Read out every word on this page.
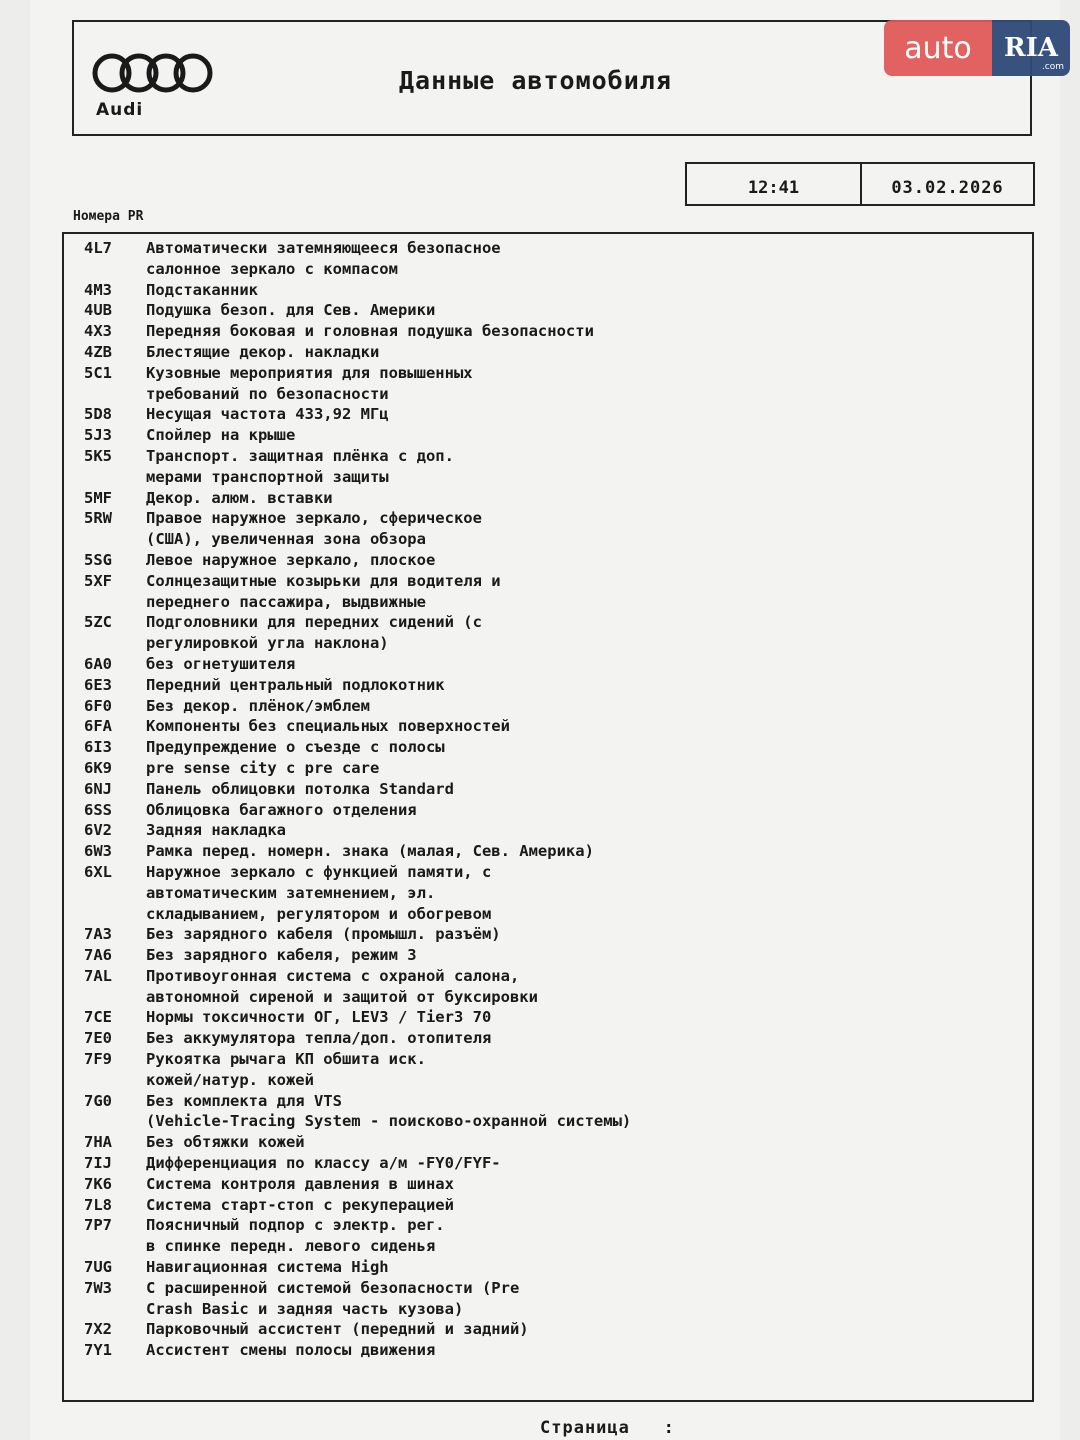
Audi
Данные автомобиля
auto	RIA
.com
12:41	03.02.2026
Номера PR
4L7	Автоматически затемняющееся безопасное
салонное зеркало с компасом
4M3	Подстаканник
4UB	Подушка безоп. для Сев. Америки
4X3	Передняя боковая и головная подушка безопасности
4ZB	Блестящие декор. накладки
5C1	Кузовные мероприятия для повышенных
требований по безопасности
5D8	Несущая частота 433,92 МГц
5J3	Спойлер на крыше
5K5	Транспорт. защитная плёнка с доп.
мерами транспортной защиты
5MF	Декор. алюм. вставки
5RW	Правое наружное зеркало, сферическое
(СШA), увеличенная зона обзора
5SG	Левое наружное зеркало, плоское
5XF	Солнцезащитные козырьки для водителя и
переднего пассажира, выдвижные
5ZC	Подголовники для передних сидений (с
регулировкой угла наклона)
6A0	без огнетушителя
6E3	Передний центральный подлокотник
6F0	Без декор. плёнок/эмблем
6FA	Компоненты без специальных поверхностей
6I3	Предупреждение о съезде с полосы
6K9	pre sense city с pre care
6NJ	Панель облицовки потолка Standard
6SS	Облицовка багажного отделения
6V2	Задняя накладка
6W3	Рамка перед. номерн. знака (малая, Сев. Америка)
6XL	Наружное зеркало с функцией памяти, с
автоматическим затемнением, эл.
складыванием, регулятором и обогревом
7A3	Без зарядного кабеля (промышл. разъём)
7A6	Без зарядного кабеля, режим 3
7AL	Противоугонная система с охраной салона,
автономной сиреной и защитой от буксировки
7CE	Нормы токсичности ОГ, LEV3 / Tier3 70
7E0	Без аккумулятора тепла/доп. отопителя
7F9	Рукоятка рычага КП обшита иск.
кожей/натур. кожей
7G0	Без комплекта для VTS
(Vehicle-Tracing System - поисково-охранной системы)
7HA	Без обтяжки кожей
7IJ	Дифференциация по классу а/м -FY0/FYF-
7K6	Система контроля давления в шинах
7L8	Система старт-стоп с рекуперацией
7P7	Поясничный подпор с электр. рег.
в спинке передн. левого сиденья
7UG	Навигационная система High
7W3	С расширенной системой безопасности (Pre
Crash Basic и задняя часть кузова)
7X2	Парковочный ассистент (передний и задний)
7Y1	Ассистент смены полосы движения
Страница   :
